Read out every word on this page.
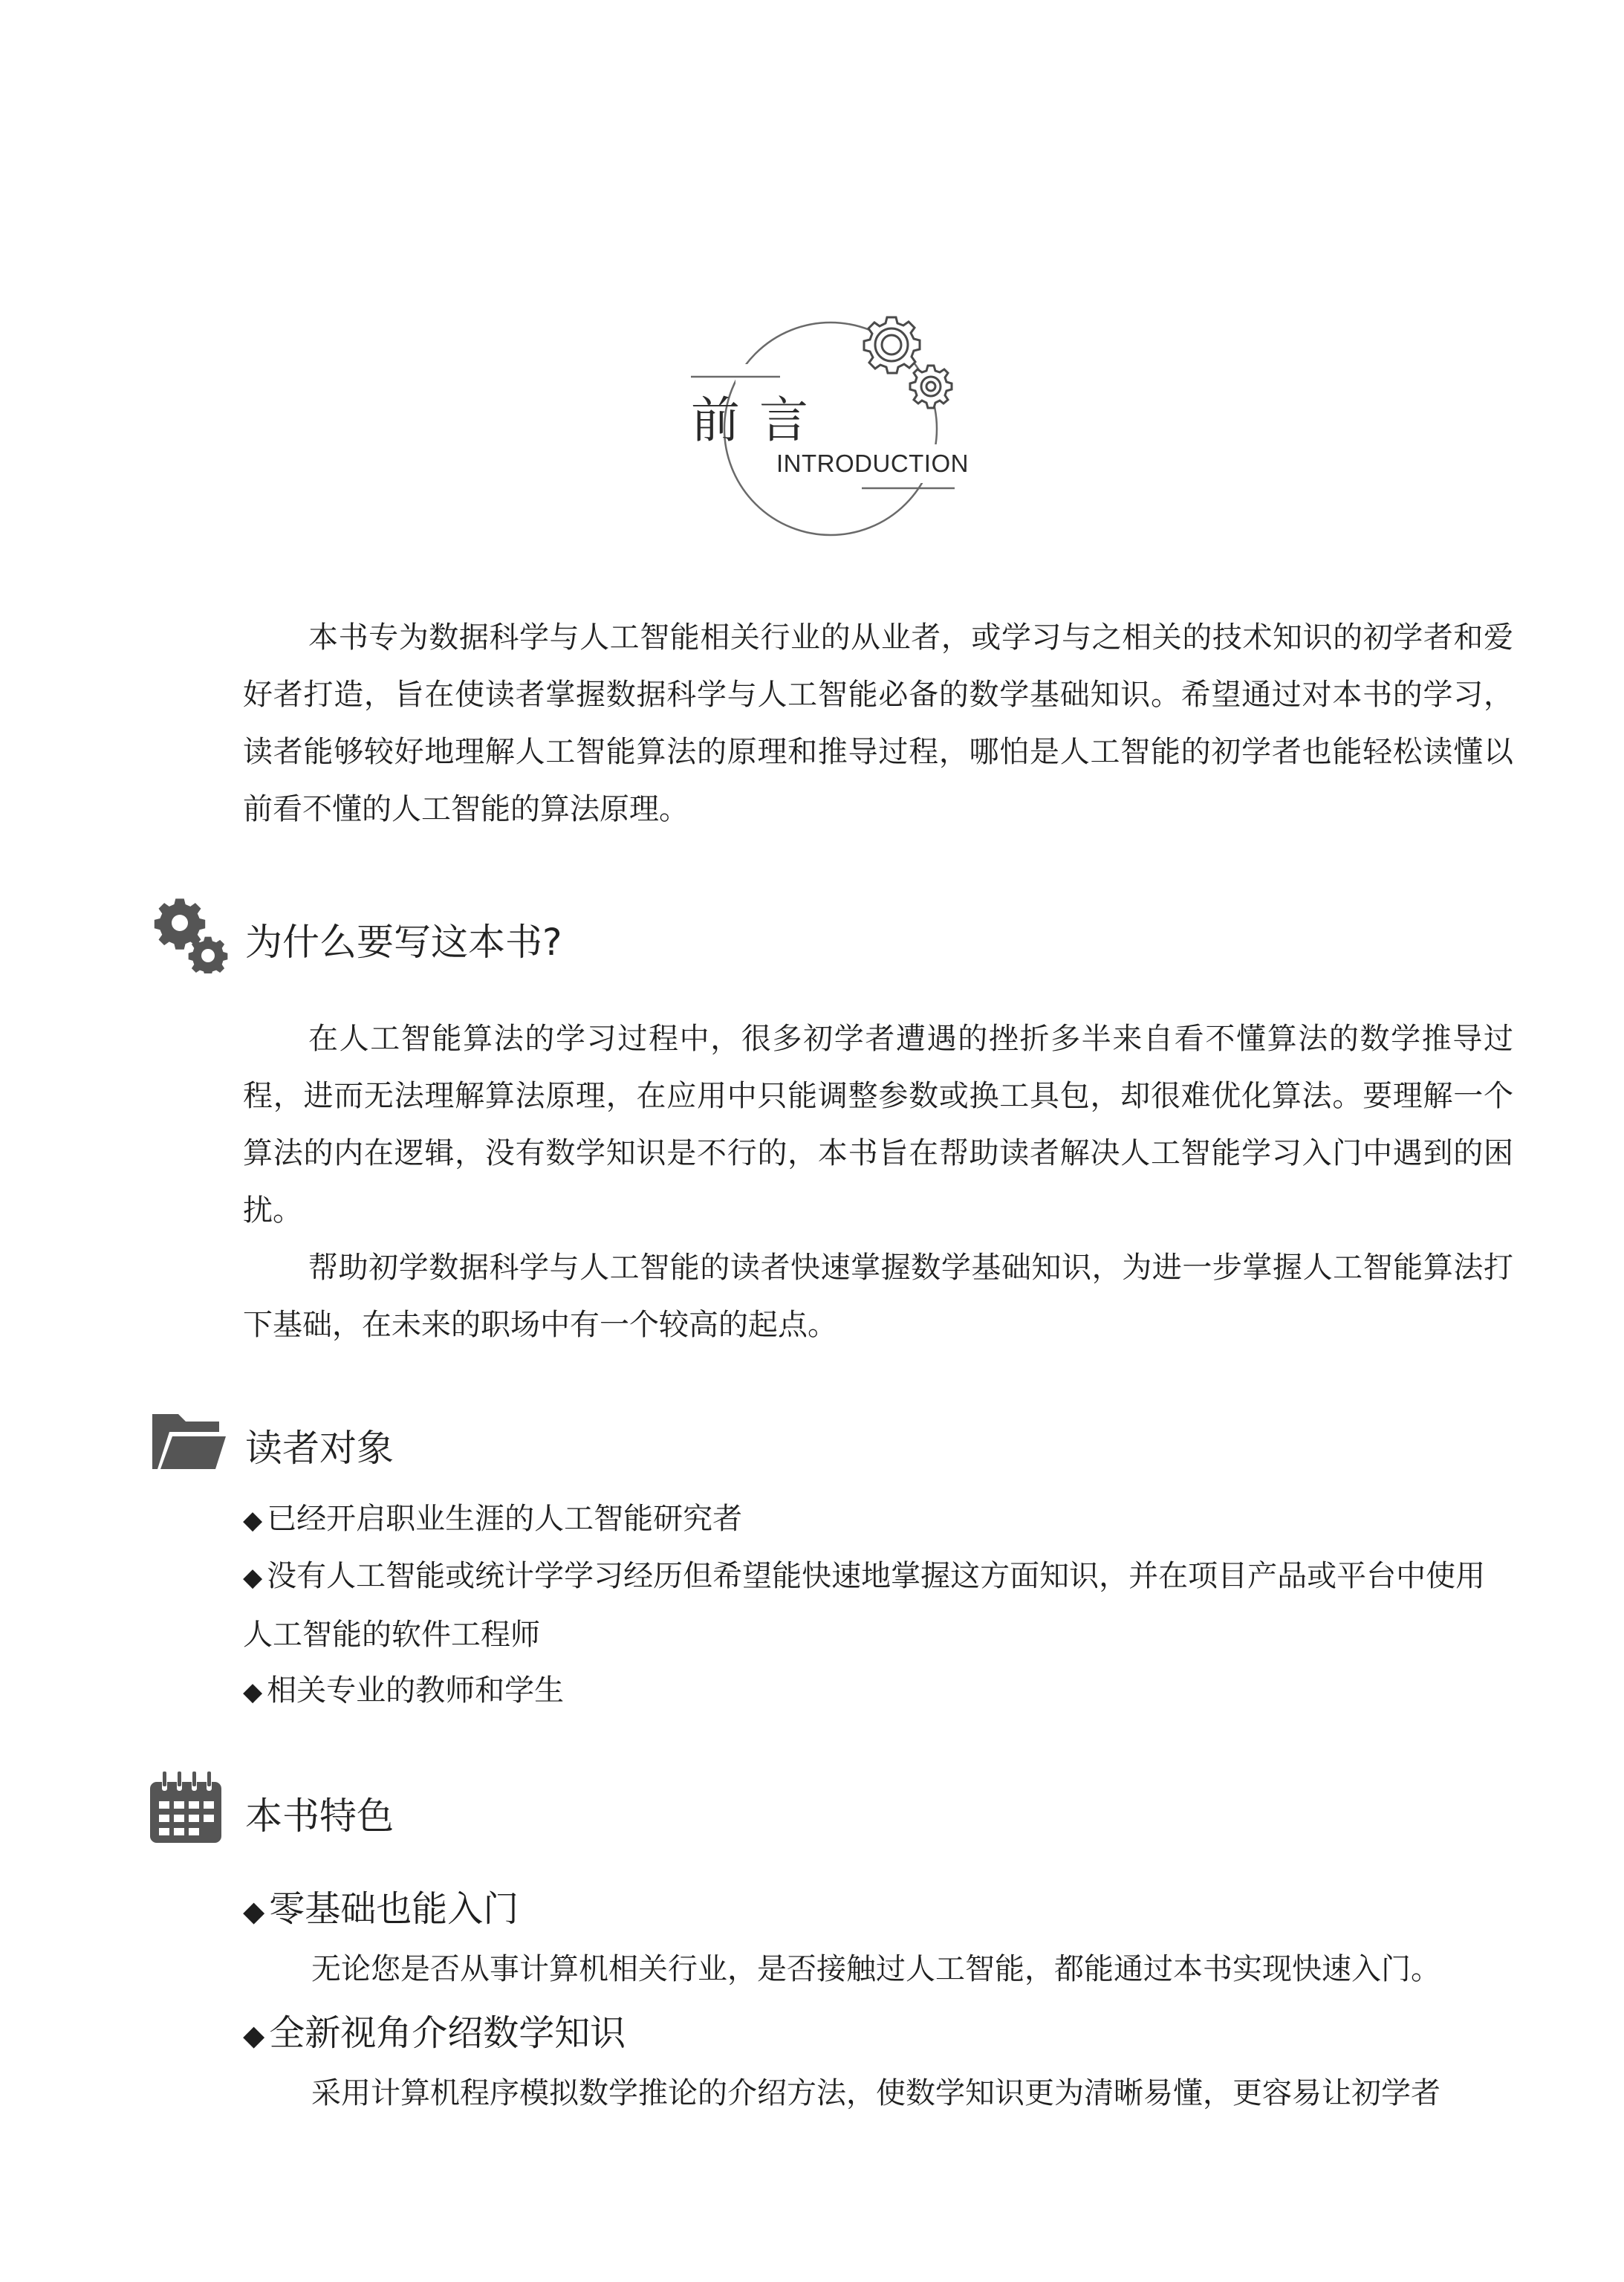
前言
INTRODUCTION

本书专为数据科学与人工智能相关行业的从业者，或学习与之相关的技术知识的初学者和爱好者打造，旨在使读者掌握数据科学与人工智能必备的数学基础知识。希望通过对本书的学习，读者能够较好地理解人工智能算法的原理和推导过程，哪怕是人工智能的初学者也能轻松读懂以前看不懂的人工智能的算法原理。

为什么要写这本书?

在人工智能算法的学习过程中，很多初学者遭遇的挫折多半来自看不懂算法的数学推导过程，进而无法理解算法原理，在应用中只能调整参数或换工具包，却很难优化算法。要理解一个算法的内在逻辑，没有数学知识是不行的，本书旨在帮助读者解决人工智能学习入门中遇到的困扰。

帮助初学数据科学与人工智能的读者快速掌握数学基础知识，为进一步掌握人工智能算法打下基础，在未来的职场中有一个较高的起点。

读者对象
◆ 已经开启职业生涯的人工智能研究者
◆ 没有人工智能或统计学学习经历但希望能快速地掌握这方面知识，并在项目产品或平台中使用人工智能的软件工程师
◆ 相关专业的教师和学生
本书特色
◆ 零基础也能入门

无论您是否从事计算机相关行业，是否接触过人工智能，都能通过本书实现快速入门。

◆ 全新视角介绍数学知识

采用计算机程序模拟数学推论的介绍方法，使数学知识更为清晰易懂，更容易让初学者
